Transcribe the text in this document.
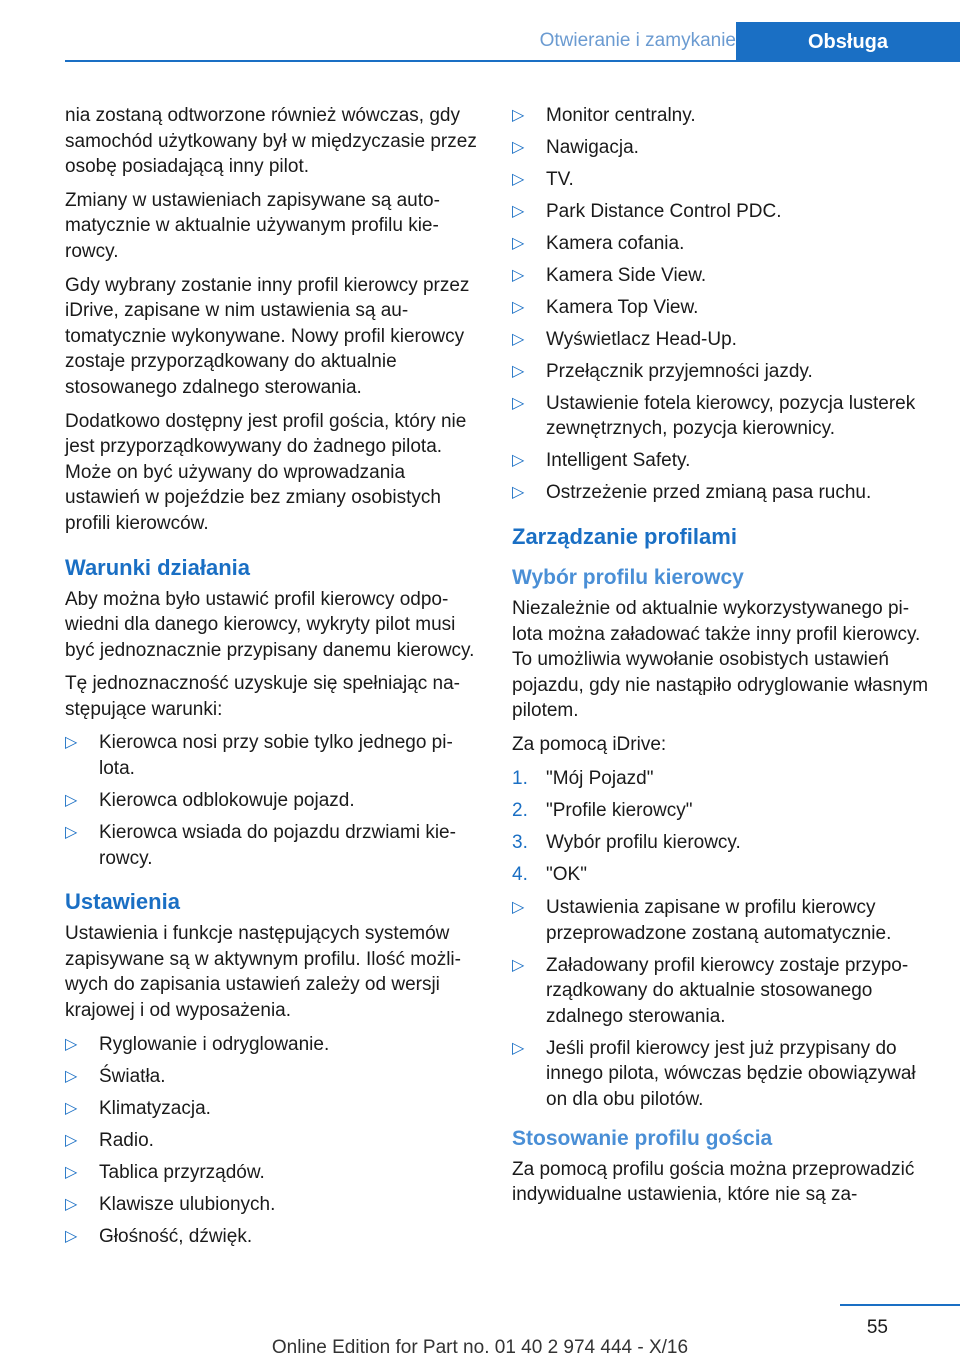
Otwieranie i zamykanie	Obsługa

nia zostaną odtworzone również wówczas, gdy samochód użytkowany był w międzyczasie przez osobę posiadającą inny pilot.

Zmiany w ustawieniach zapisywane są automatycznie w aktualnie używanym profilu kierowcy.

Gdy wybrany zostanie inny profil kierowcy przez iDrive, zapisane w nim ustawienia są automatycznie wykonywane. Nowy profil kierowcy zostaje przyporządkowany do aktualnie stosowanego zdalnego sterowania.

Dodatkowo dostępny jest profil gościa, który nie jest przyporządkowywany do żadnego pilota. Może on być używany do wprowadzania ustawień w pojeździe bez zmiany osobistych profili kierowców.

Warunki działania

Aby można było ustawić profil kierowcy odpowiedni dla danego kierowcy, wykryty pilot musi być jednoznacznie przypisany danemu kierowcy.

Tę jednoznaczność uzyskuje się spełniając następujące warunki:

▷ Kierowca nosi przy sobie tylko jednego pilota.
▷ Kierowca odblokowuje pojazd.
▷ Kierowca wsiada do pojazdu drzwiami kierowcy.
Ustawienia

Ustawienia i funkcje następujących systemów zapisywane są w aktywnym profilu. Ilość możliwych do zapisania ustawień zależy od wersji krajowej i od wyposażenia.

▷ Ryglowanie i odryglowanie.
▷ Światła.
▷ Klimatyzacja.
▷ Radio.
▷ Tablica przyrządów.
▷ Klawisze ulubionych.
▷ Głośność, dźwięk.
▷ Monitor centralny.
▷ Nawigacja.
▷ TV.
▷ Park Distance Control PDC.
▷ Kamera cofania.
▷ Kamera Side View.
▷ Kamera Top View.
▷ Wyświetlacz Head-Up.
▷ Przełącznik przyjemności jazdy.
▷ Ustawienie fotela kierowcy, pozycja lusterek zewnętrznych, pozycja kierownicy.
▷ Intelligent Safety.
▷ Ostrzeżenie przed zmianą pasa ruchu.
Zarządzanie profilami
Wybór profilu kierowcy

Niezależnie od aktualnie wykorzystywanego pilota można załadować także inny profil kierowcy. To umożliwia wywołanie osobistych ustawień pojazdu, gdy nie nastąpiło odryglowanie własnym pilotem.

Za pomocą iDrive:

1. "Mój Pojazd"
2. "Profile kierowcy"
3. Wybór profilu kierowcy.
4. "OK"
▷ Ustawienia zapisane w profilu kierowcy przeprowadzone zostaną automatycznie.
▷ Załadowany profil kierowcy zostaje przyporządkowany do aktualnie stosowanego zdalnego sterowania.
▷ Jeśli profil kierowcy jest już przypisany do innego pilota, wówczas będzie obowiązywał on dla obu pilotów.
Stosowanie profilu gościa

Za pomocą profilu gościa można przeprowadzić indywidualne ustawienia, które nie są za-

55
Online Edition for Part no. 01 40 2 974 444 - X/16
